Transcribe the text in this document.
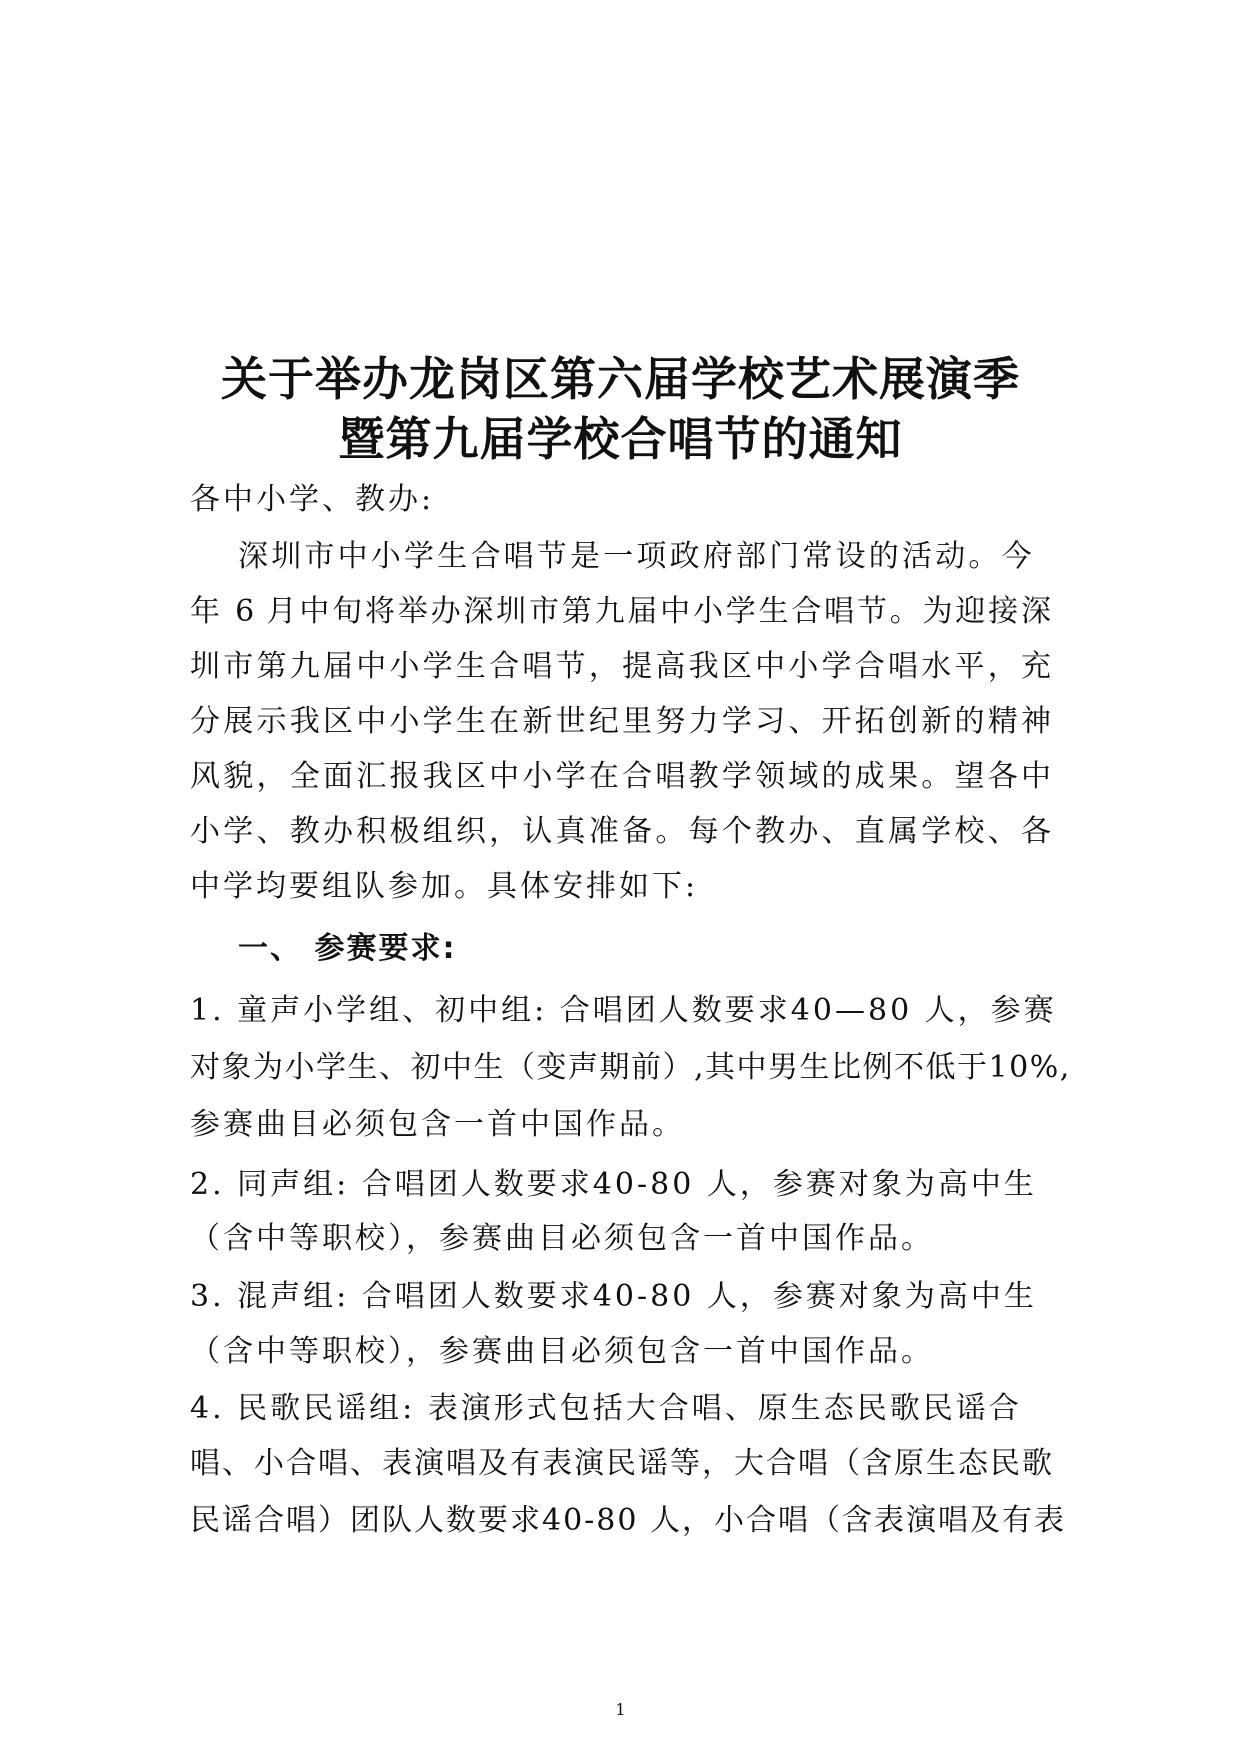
关于举办龙岗区第六届学校艺术展演季
暨第九届学校合唱节的通知
各中小学、教办:
深圳市中小学生合唱节是一项政府部门常设的活动。今
年 6 月中旬将举办深圳市第九届中小学生合唱节。为迎接深
圳市第九届中小学生合唱节，提高我区中小学合唱水平，充
分展示我区中小学生在新世纪里努力学习、开拓创新的精神
风貌，全面汇报我区中小学在合唱教学领域的成果。望各中
小学、教办积极组织，认真准备。每个教办、直属学校、各
中学均要组队参加。具体安排如下:
一、 参赛要求:
1. 童声小学组、初中组: 合唱团人数要求40—80 人，参赛
对象为小学生、初中生（变声期前）,其中男生比例不低于10%,
参赛曲目必须包含一首中国作品。
2. 同声组: 合唱团人数要求40-80 人，参赛对象为高中生
（含中等职校），参赛曲目必须包含一首中国作品。
3. 混声组: 合唱团人数要求40-80 人，参赛对象为高中生
（含中等职校），参赛曲目必须包含一首中国作品。
4. 民歌民谣组: 表演形式包括大合唱、原生态民歌民谣合
唱、小合唱、表演唱及有表演民谣等，大合唱（含原生态民歌
民谣合唱）团队人数要求40-80 人，小合唱（含表演唱及有表
1
